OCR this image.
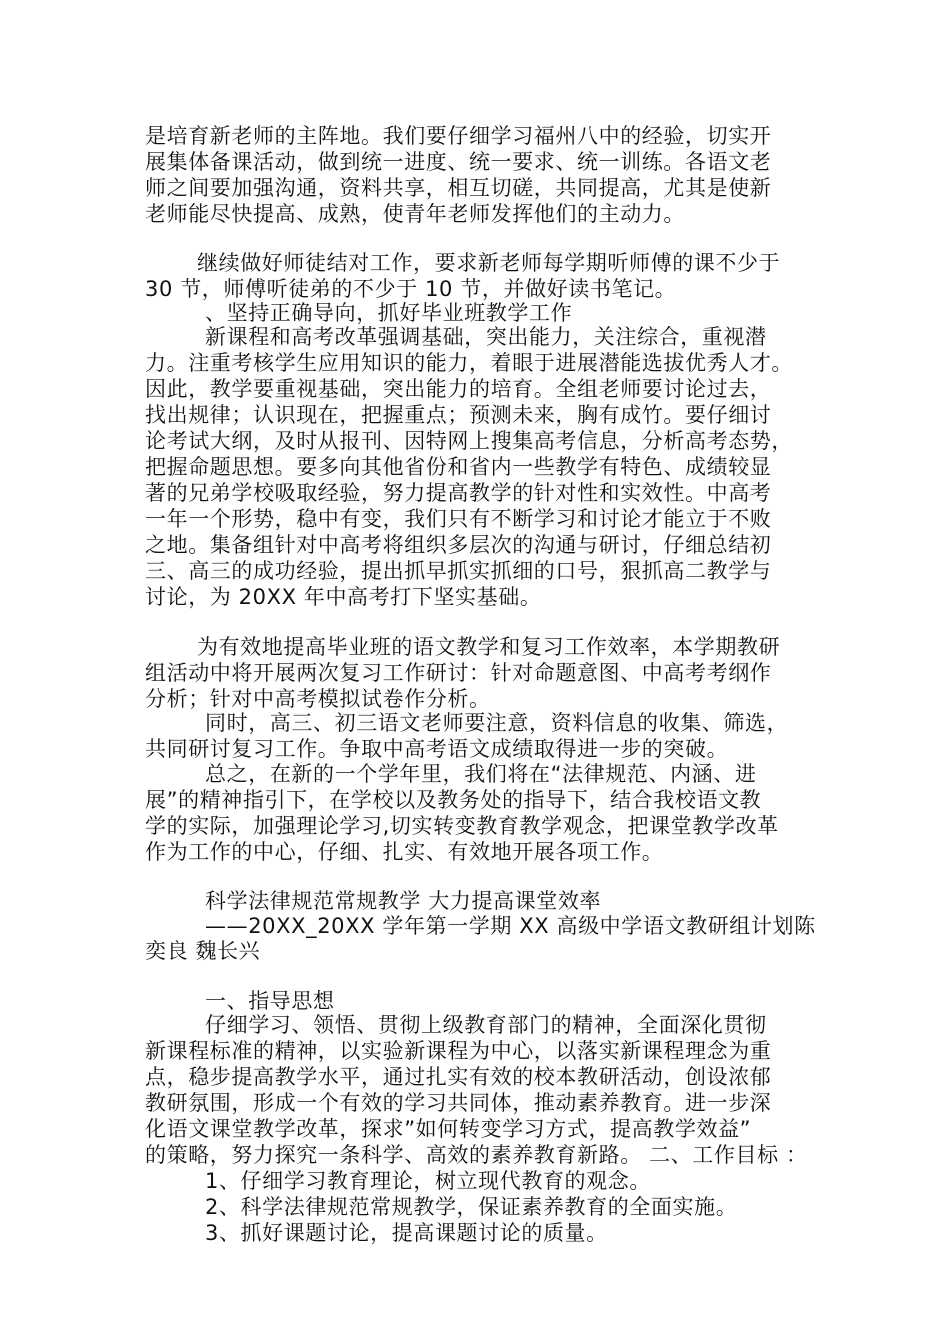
是培育新老师的主阵地。我们要仔细学习福州八中的经验，切实开
展集体备课活动，做到统一进度、统一要求、统一训练。各语文老
师之间要加强沟通，资料共享，相互切磋，共同提高，尤其是使新
老师能尽快提高、成熟，使青年老师发挥他们的主动力。
继续做好师徒结对工作，要求新老师每学期听师傅的课不少于
30 节，师傅听徒弟的不少于 10 节，并做好读书笔记。
、坚持正确导向，抓好毕业班教学工作
新课程和高考改革强调基础，突出能力，关注综合，重视潜
力。注重考核学生应用知识的能力，着眼于进展潜能选拔优秀人才。
因此，教学要重视基础，突出能力的培育。全组老师要讨论过去，
找出规律；认识现在，把握重点；预测未来，胸有成竹。要仔细讨
论考试大纲，及时从报刊、因特网上搜集高考信息，分析高考态势，
把握命题思想。要多向其他省份和省内一些教学有特色、成绩较显
著的兄弟学校吸取经验，努力提高教学的针对性和实效性。中高考
一年一个形势，稳中有变，我们只有不断学习和讨论才能立于不败
之地。集备组针对中高考将组织多层次的沟通与研讨，仔细总结初
三、高三的成功经验，提出抓早抓实抓细的口号，狠抓高二教学与
讨论，为 20XX 年中高考打下坚实基础。
为有效地提高毕业班的语文教学和复习工作效率，本学期教研
组活动中将开展两次复习工作研讨：针对命题意图、中高考考纲作
分析；针对中高考模拟试卷作分析。
同时，高三、初三语文老师要注意，资料信息的收集、筛选，
共同研讨复习工作。争取中高考语文成绩取得进一步的突破。
总之，在新的一个学年里，我们将在“法律规范、内涵、进
展”的精神指引下，在学校以及教务处的指导下，结合我校语文教
学的实际，加强理论学习,切实转变教育教学观念，把课堂教学改革
作为工作的中心，仔细、扎实、有效地开展各项工作。
科学法律规范常规教学 大力提高课堂效率
——20XX_20XX 学年第一学期 XX 高级中学语文教研组计划陈
奕良 魏长兴
一、指导思想
仔细学习、领悟、贯彻上级教育部门的精神，全面深化贯彻
新课程标准的精神，以实验新课程为中心，以落实新课程理念为重
点，稳步提高教学水平，通过扎实有效的校本教研活动，创设浓郁
教研氛围，形成一个有效的学习共同体，推动素养教育。进一步深
化语文课堂教学改革，探求”如何转变学习方式，提高教学效益”
的策略，努力探究一条科学、高效的素养教育新路。 二、工作目标 ：
1、仔细学习教育理论，树立现代教育的观念。
2、科学法律规范常规教学，保证素养教育的全面实施。
3、抓好课题讨论，提高课题讨论的质量。
